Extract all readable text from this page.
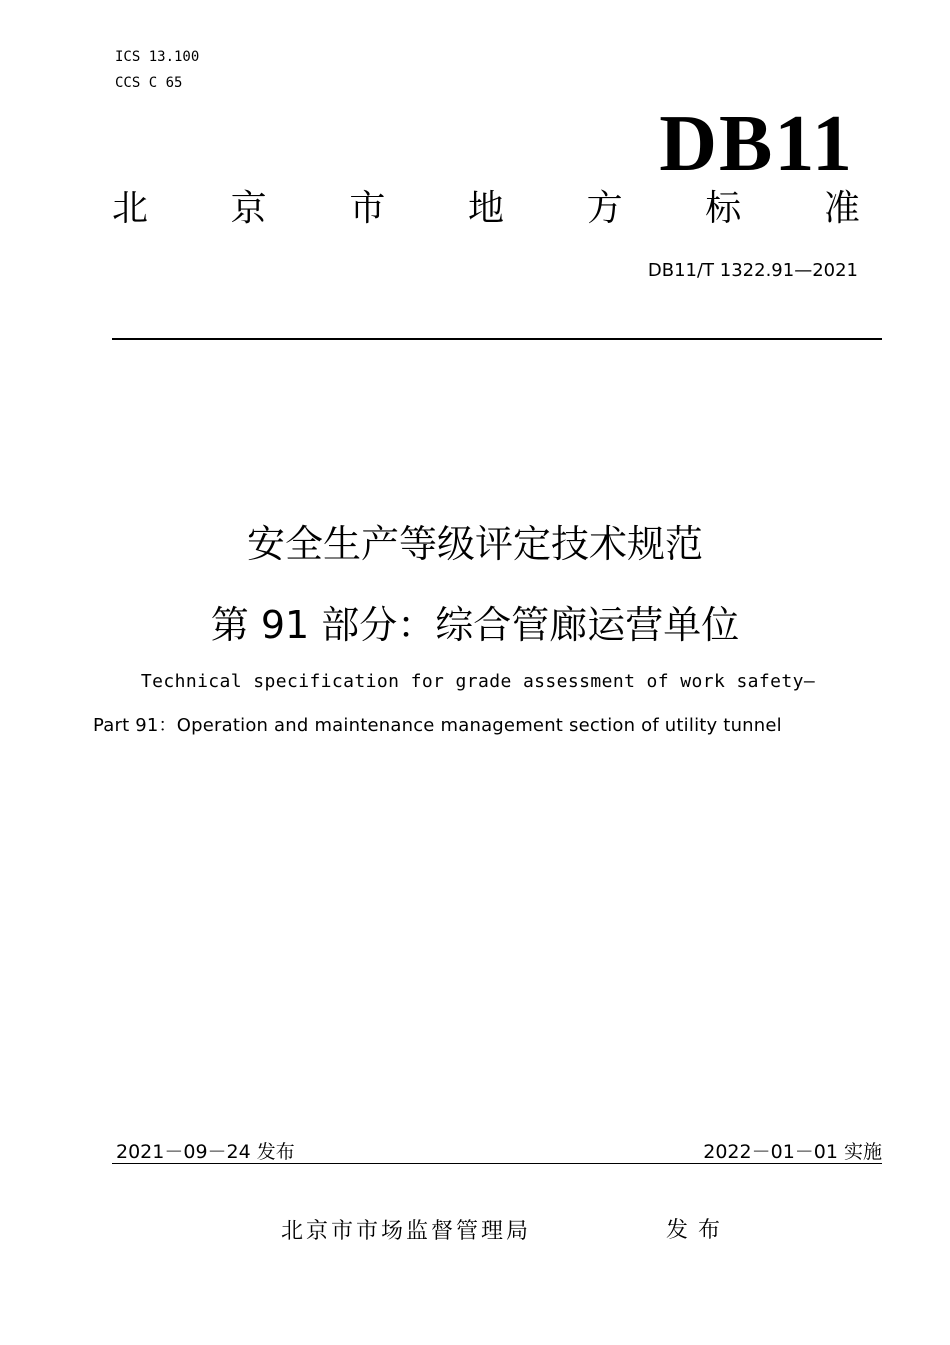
ICS 13.100
CCS C 65
DB11
北 京 市 地 方 标 准
DB11/T 1322.91—2021
安全生产等级评定技术规范
第 91 部分：综合管廊运营单位
Technical specification for grade assessment of work safety—
Part 91：Operation and maintenance management section of utility tunnel
2021－09－24 发布	2022－01－01 实施
北京市市场监督管理局	发布
